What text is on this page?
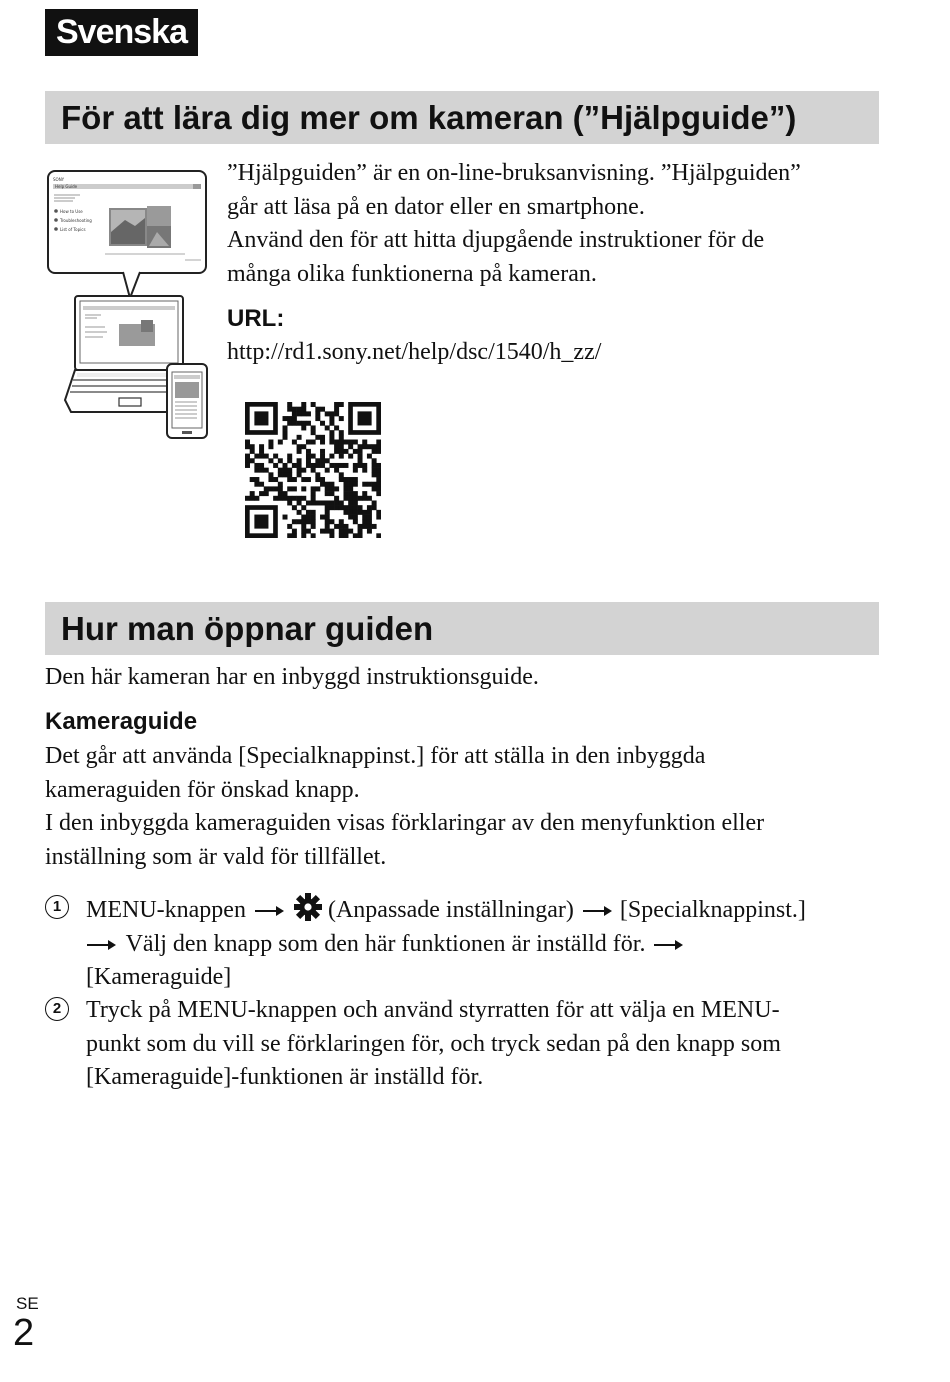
Svenska
För att lära dig mer om kameran (”Hjälpguide”)
SONY
Help Guide
How to Use
Troubleshooting
List of Topics
”Hjälpguiden” är en on-line-bruksanvisning. ”Hjälpguiden”
går att läsa på en dator eller en smartphone.
Använd den för att hitta djupgående instruktioner för de
många olika funktionerna på kameran.
URL:
http://rd1.sony.net/help/dsc/1540/h_zz/
Hur man öppnar guiden
Den här kameran har en inbyggd instruktionsguide.
Kameraguide
Det går att använda [Specialknappinst.] för att ställa in den inbyggda
kameraguiden för önskad knapp.
I den inbyggda kameraguiden visas förklaringar av den menyfunktion eller
inställning som är vald för tillfället.
1	MENU-knappen	(Anpassade inställningar) [Specialknappinst.]
Välj den knapp som den här funktionen är inställd för.
[Kameraguide]
2	Tryck på MENU-knappen och använd styrratten för att välja en MENU-
punkt som du vill se förklaringen för, och tryck sedan på den knapp som
[Kameraguide]-funktionen är inställd för.
SE
2
